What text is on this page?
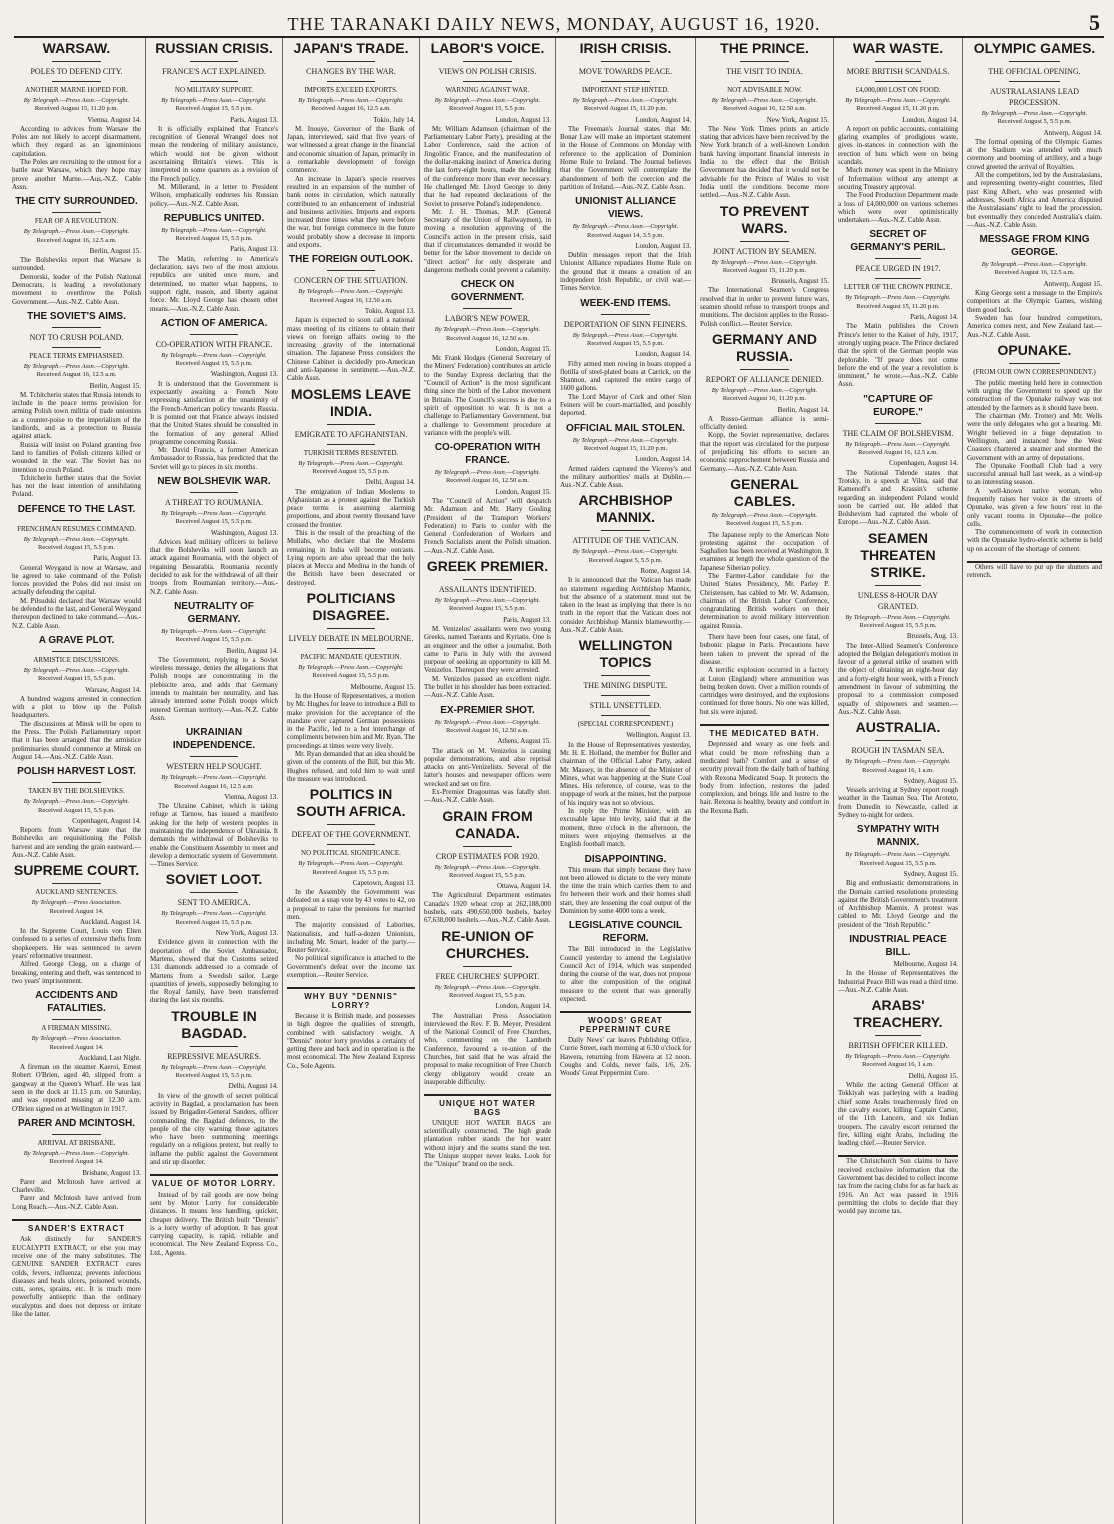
THE TARANAKI DAILY NEWS, MONDAY, AUGUST 16, 1920.	5
WARSAW.
POLES TO DEFEND CITY.
ANOTHER MARNE HOPED FOR.
By Telegraph.—Press Assn.—Copyright.
Received August 15, 11.20 p.m.
Vienna, August 14.

According to advices from Warsaw the Poles are not likely to accept disarmament, which they regard as an ignominious capitulation.

The Poles are recruiting to the utmost for a battle near Warsaw, which they hope may prove another Marne.—Aus.-N.Z. Cable Assn.

THE CITY SURROUNDED.
FEAR OF A REVOLUTION.
By Telegraph.—Press Assn.—Copyright.
Received August 16, 12.5 a.m.
Berlin, August 15.

The Bolsheviks report that Warsaw is surrounded.

Demorski, leader of the Polish National Democrats, is leading a revolutionary movement to overthrow the Polish Government.—Aus.-N.Z. Cable Assn.

THE SOVIET'S AIMS.
NOT TO CRUSH POLAND.
PEACE TERMS EMPHASISED.
By Telegraph.—Press Assn.—Copyright.
Received August 16, 12.5 a.m.
Berlin, August 15.

M. Tchitcherin states that Russia intends to include in the peace terms provision for arming Polish town militia of trade unionists as a counter-poise to the imperialism of the landlords, and as a protection to Russia against attack.

Russia will insist on Poland granting free land to families of Polish citizens killed or wounded in the war. The Soviet has no intention to crush Poland.

Tchitcherin further states that the Soviet has not the least intention of annihilating Poland.

DEFENCE TO THE LAST.
FRENCHMAN RESUMES COMMAND.
By Telegraph.—Press Assn.—Copyright.
Received August 15, 5.5 p.m.
Paris, August 13.

General Weygand is now at Warsaw, and he agreed to take command of the Polish forces provided the Poles did not insist on actually defending the capital.

M. Pilsudski declared that Warsaw would be defended to the last, and General Weygand thereupon declined to take command.—Aus.-N.Z. Cable Assn.

A GRAVE PLOT.
ARMISTICE DISCUSSIONS.
By Telegraph.—Press Assn.—Copyright.
Received August 15, 5.5 p.m.
Warsaw, August 14.

A hundred wagons arrested in connection with a plot to blow up the Polish headquarters.

The discussions at Minsk will be open to the Press. The Polish Parliamentary report that it has been arranged that the armistice preliminaries should commence at Minsk on August 14.—Aus.-N.Z. Cable Assn.

POLISH HARVEST LOST.
TAKEN BY THE BOLSHEVIKS.
By Telegraph.—Press Assn.—Copyright.
Received August 15, 5.5 p.m.
Copenhagen, August 14.

Reports from Warsaw state that the Bolsheviks are requisitioning the Polish harvest and are sending the grain eastward.—Aus.-N.Z. Cable Assn.

SUPREME COURT.
AUCKLAND SENTENCES.
By Telegraph.—Press Association.
Received August 14.
Auckland, August 14.

In the Supreme Court, Louis von Elten confessed to a series of extensive thefts from shopkeepers. He was sentenced to seven years' reformative treatment.

Alfred George Clegg, on a charge of breaking, entering and theft, was sentenced to two years' imprisonment.

ACCIDENTS AND FATALITIES.
A FIREMAN MISSING.
By Telegraph.—Press Association.
Received August 14.
Auckland, Last Night.

A fireman on the steamer Kaeroi, Ernest Robert O'Brien, aged 40, slipped from a gangway at the Queen's Wharf. He was last seen in the dock at 11.15 p.m. on Saturday, and was reported missing at 12.30 a.m. O'Brien signed on at Wellington in 1917.

PARER AND MCINTOSH.
ARRIVAL AT BRISBANE.
By Telegraph.—Press Assn.—Copyright.
Received August 14.
Brisbane, August 13.

Parer and McIntosh have arrived at Charleville.

Parer and McIntosh have arrived from Long Reach.—Aus.-N.Z. Cable Assn.

SANDER'S EXTRACT

Ask distinctly for SANDER'S EUCALYPTI EXTRACT, or else you may receive one of the many substitutes. The GENUINE SANDER EXTRACT cures colds, fevers, influenza; prevents infectious diseases and heals ulcers, poisoned wounds, cuts, sores, sprains, etc. It is much more powerfully antiseptic than the ordinary eucalyptus and does not depress or irritate like the latter.

RUSSIAN CRISIS.
FRANCE'S ACT EXPLAINED.
NO MILITARY SUPPORT.
By Telegraph.—Press Assn.—Copyright.
Received August 15, 5.5 p.m.
Paris, August 13.

It is officially explained that France's recognition of General Wrangel does not mean the rendering of military assistance, which would not be given without ascertaining Britain's views. This is interpreted in some quarters as a revision of the French policy.

M. Millerand, in a letter to President Wilson, emphatically endorses his Russian policy.—Aus.-N.Z. Cable Assn.

REPUBLICS UNITED.
By Telegraph.—Press Assn.—Copyright.
Received August 15, 5.5 p.m.
Paris, August 13.

The Matin, referring to America's declaration, says two of the most anxious republics are united once more, and determined, no matter what happens, to support right, reason, and liberty against force. Mr. Lloyd George has chosen other means.—Aus.-N.Z. Cable Assn.

ACTION OF AMERICA.
CO-OPERATION WITH FRANCE.
By Telegraph.—Press Assn.—Copyright.
Received August 15, 5.5 p.m.
Washington, August 13.

It is understood that the Government is expectantly awaiting a French Note expressing satisfaction at the unanimity of the French-American policy towards Russia. It is pointed out that France always insisted that the United States should be consulted in the formation of any general Allied programme concerning Russia.

Mr. David Francis, a former American Ambassador to Russia, has predicted that the Soviet will go to pieces in six months.

NEW BOLSHEVIK WAR.
A THREAT TO ROUMANIA.
By Telegraph.—Press Assn.—Copyright.
Received August 15, 5.5 p.m.
Washington, August 13.

Advices lead military officers to believe that the Bolsheviks will soon launch an attack against Roumania, with the object of regaining Bessarabia. Roumania recently decided to ask for the withdrawal of all their troops from Roumanian territory.—Aus.-N.Z. Cable Assn.

NEUTRALITY OF GERMANY.
By Telegraph.—Press Assn.—Copyright.
Received August 15, 5.5 p.m.
Berlin, August 14.

The Government, replying to a Soviet wireless message, denies the allegations that Polish troops are concentrating in the plebiscite area, and adds that Germany intends to maintain her neutrality, and has already interned some Polish troops which entered German territory.—Aus.-N.Z. Cable Assn.

UKRAINIAN INDEPENDENCE.
WESTERN HELP SOUGHT.
By Telegraph.—Press Assn.—Copyright.
Received August 16, 12.5 a.m.
Vienna, August 13.

The Ukraine Cabinet, which is taking refuge at Tarnow, has issued a manifesto asking for the help of western peoples in maintaining the independence of Ukrainia. It demands the withdrawal of Bolsheviks to enable the Constituent Assembly to meet and develop a democratic system of Government.—Times Service.

SOVIET LOOT.
SENT TO AMERICA.
By Telegraph.—Press Assn.—Copyright.
Received August 15, 5.5 p.m.
New York, August 13.

Evidence given in connection with the deportation of the Soviet Ambassador, Martens, showed that the Customs seized 131 diamonds addressed to a comrade of Martens from a Swedish sailor. Large quantities of jewels, supposedly belonging to the Royal family, have been transferred during the last six months.

TROUBLE IN BAGDAD.
REPRESSIVE MEASURES.
By Telegraph.—Press Assn.—Copyright.
Received August 15, 5.5 p.m.
Delhi, August 14.

In view of the growth of secret political activity in Bagdad, a proclamation has been issued by Brigadier-General Sanders, officer commanding the Bagdad defences, to the people of the city warning those agitators who have been summoning meetings regularly on a religious pretext, but really to inflame the public against the Government and stir up disorder.

VALUE OF MOTOR LORRY.

Instead of by rail goods are now being sent by Motor Lorry for considerable distances. It means less handling, quicker, cheaper delivery. The British built "Dennis" is a lorry worthy of adoption. It has great carrying capacity, is rapid, reliable and economical. The New Zealand Express Co., Ltd., Agents.

JAPAN'S TRADE.
CHANGES BY THE WAR.
IMPORTS EXCEED EXPORTS.
By Telegraph.—Press Assn.—Copyright.
Received August 16, 12.5 a.m.
Tokio, July 14.

M. Inouye, Governor of the Bank of Japan, interviewed, said that five years of war witnessed a great change in the financial and economic situation of Japan, primarily in a remarkable development of foreign commerce.

An increase in Japan's specie reserves resulted in an expansion of the number of bank notes in circulation, which naturally contributed to an enhancement of industrial and business activities. Imports and exports increased three times what they were before the war, but foreign commerce in the future would probably show a decrease in imports and exports.

THE FOREIGN OUTLOOK.
CONCERN OF THE SITUATION.
By Telegraph.—Press Assn.—Copyright.
Received August 16, 12.50 a.m.
Tokio, August 13.

Japan is expected to soon call a national mass meeting of its citizens to obtain their views on foreign affairs owing to the increasing gravity of the international situation. The Japanese Press considers the Chinese Cabinet is decidedly pro-American and anti-Japanese in sentiment.—Aus.-N.Z. Cable Assn.

MOSLEMS LEAVE INDIA.
EMIGRATE TO AFGHANISTAN.
TURKISH TERMS RESENTED.
By Telegraph.—Press Assn.—Copyright.
Received August 15, 5.5 p.m.
Delhi, August 14.

The emigration of Indian Moslems to Afghanistan as a protest against the Turkish peace terms is assuming alarming proportions, and about twenty thousand have crossed the frontier.

This is the result of the preaching of the Mullahs, who declare that the Moslems remaining in India will become outcasts. Lying reports are also spread that the holy places at Mecca and Medina in the hands of the British have been desecrated or destroyed.

POLITICIANS DISAGREE.
LIVELY DEBATE IN MELBOURNE.
PACIFIC MANDATE QUESTION.
By Telegraph.—Press Assn.—Copyright.
Received August 15, 5.5 p.m.
Melbourne, August 15.

In the House of Representatives, a motion by Mr. Hughes for leave to introduce a Bill to make provision for the acceptance of the mandate over captured German possessions in the Pacific, led to a hot interchange of compliments between him and Mr. Ryan. The proceedings at times were very lively.

Mr. Ryan demanded that an idea should be given of the contents of the Bill, but this Mr. Hughes refused, and told him to wait until the measure was introduced.

POLITICS IN SOUTH AFRICA.
DEFEAT OF THE GOVERNMENT.
NO POLITICAL SIGNIFICANCE.
By Telegraph.—Press Assn.—Copyright.
Received August 15, 5.5 p.m.
Capetown, August 13.

In the Assembly the Government was defeated on a snap vote by 43 votes to 42, on a proposal to raise the pensions for married men.

The majority consisted of Laborites, Nationalists, and half-a-dozen Unionists, including Mr. Smart, leader of the party.—Reuter Service.

No political significance is attached to the Government's defeat over the income tax exemption.—Reuter Service.

WHY BUY "DENNIS" LORRY?

Because it is British made, and possesses in high degree the qualities of strength, combined with satisfactory weight. A "Dennis" motor lorry provides a certainty of getting there and back and in operation is the most economical. The New Zealand Express Co., Sole Agents.

LABOR'S VOICE.
VIEWS ON POLISH CRISIS.
WARNING AGAINST WAR.
By Telegraph.—Press Assn.—Copyright.
Received August 15, 5.5 p.m.
London, August 13.

Mr. William Adamson (chairman of the Parliamentary Labor Party), presiding at the Labor Conference, said the action of Jingolitic France, and the manifestation of the dollar-making instinct of America during the last forty-eight hours, made the holding of the conference more than ever necessary. He challenged Mr. Lloyd George to deny that he had repeated declarations of the Soviet to preserve Poland's independence.

Mr. J. H. Thomas, M.P. (General Secretary of the Union of Railwaymen), in moving a resolution approving of the Council's action in the present crisis, said that if circumstances demanded it would be better for the labor movement to decide on "direct action" for only desperate and dangerous methods could prevent a calamity.

CHECK ON GOVERNMENT.
LABOR'S NEW POWER.
By Telegraph.—Press Assn.—Copyright.
Received August 16, 12.50 a.m.
London, August 15.

Mr. Frank Hodges (General Secretary of the Miners' Federation) contributes an article to the Sunday Express declaring that the "Council of Action" is the most significant thing since the birth of the Labor movement in Britain. The Council's success is due to a spirit of opposition to war. It is not a challenge to Parliamentary Government, but a challenge to Government procedure at variance with the people's will.

CO-OPERATION WITH FRANCE.
By Telegraph.—Press Assn.—Copyright.
Received August 16, 12.50 a.m.
London, August 15.

The "Council of Action" will despatch Mr. Adamson and Mr. Harry Gosling (President of the Transport Workers' Federation) to Paris to confer with the General Confederation of Workers and French Socialists anent the Polish situation.—Aus.-N.Z. Cable Assn.

GREEK PREMIER.
ASSAILANTS IDENTIFIED.
By Telegraph.—Press Assn.—Copyright.
Received August 15, 5.5 p.m.
Paris, August 13.

M. Venizelos' assailants were two young Greeks, named Tserants and Kyriatis. One is an engineer and the other a journalist. Both came to Paris in July with the avowed purpose of seeking an opportunity to kill M. Venizelos. Thereupon they were arrested.

M. Venizelos passed an excellent night. The bullet in his shoulder has been extracted.—Aus.-N.Z. Cable Assn.

EX-PREMIER SHOT.
By Telegraph.—Press Assn.—Copyright.
Received August 16, 12.50 a.m.
Athens, August 15.

The attack on M. Venizelos is causing popular demonstrations, and also reprisal attacks on anti-Venizelists. Several of the latter's houses and newspaper offices were wrecked and set on fire.

Ex-Premier Dragoumas was fatally shot.—Aus.-N.Z. Cable Assn.

GRAIN FROM CANADA.
CROP ESTIMATES FOR 1920.
By Telegraph.—Press Assn.—Copyright.
Received August 15, 5.5 p.m.
Ottawa, August 14.

The Agricultural Department estimates Canada's 1920 wheat crop at 262,188,000 bushels, oats 490,650,000 bushels, barley 67,638,000 bushels.—Aus.-N.Z. Cable Assn.

RE-UNION OF CHURCHES.
FREE CHURCHES' SUPPORT.
By Telegraph.—Press Assn.—Copyright.
Received August 15, 5.5 p.m.
London, August 14.

The Australian Press Association interviewed the Rev. F. B. Meyer, President of the National Council of Free Churches, who, commenting on the Lambeth Conference, favoured a re-union of the Churches, but said that he was afraid the proposal to make recognition of Free Church clergy obligatory would create an insuperable difficulty.

UNIQUE HOT WATER BAGS

UNIQUE HOT WATER BAGS are scientifically constructed. The high grade plantation rubber stands the hot water without injury and the seams stand the test. The Unique stopper never leaks. Look for the "Unique" brand on the neck.

IRISH CRISIS.
MOVE TOWARDS PEACE.
IMPORTANT STEP HINTED.
By Telegraph.—Press Assn.—Copyright.
Received August 15, 11.20 p.m.
London, August 14.

The Freeman's Journal states that Mr. Bonar Law will make an important statement in the House of Commons on Monday with reference to the application of Dominion Home Rule to Ireland. The Journal believes that the Government will contemplate the abandonment of both the coercion and the partition of Ireland.—Aus.-N.Z. Cable Assn.

UNIONIST ALLIANCE VIEWS.
By Telegraph.—Press Assn.—Copyright.
Received August 14, 3.5 p.m.
London, August 13.

Dublin messages report that the Irish Unionist Alliance repudiates Home Rule on the ground that it means a creation of an independent Irish Republic, or civil war.—Times Service.

WEEK-END ITEMS.
DEPORTATION OF SINN FEINERS.
By Telegraph.—Press Assn.—Copyright.
Received August 15, 5.5 p.m.
London, August 14.

Fifty armed men rowing in boats stopped a flotilla of steel-plated boats at Carrick, on the Shannon, and captured the entire cargo of 1600 gallons.

The Lord Mayor of Cork and other Sinn Feiners will be court-martialled, and possibly deported.

OFFICIAL MAIL STOLEN.
By Telegraph.—Press Assn.—Copyright.
Received August 15, 11.20 p.m.
London, August 14.

Armed raiders captured the Viceroy's and the military authorities' mails at Dublin.—Aus.-N.Z. Cable Assn.

ARCHBISHOP MANNIX.
ATTITUDE OF THE VATICAN.
By Telegraph.—Press Assn.—Copyright.
Received August 5, 5.5 p.m.
Rome, August 14.

It is announced that the Vatican has made no statement regarding Archbishop Mannix, but the absence of a statement must not be taken in the least as implying that there is no truth in the report that the Vatican does not consider Archbishop Mannix blameworthy.—Aus.-N.Z. Cable Assn.

WELLINGTON TOPICS
THE MINING DISPUTE.
STILL UNSETTLED.
(SPECIAL CORRESPONDENT.)
Wellington, August 13.

In the House of Representatives yesterday, Mr. H. E. Holland, the member for Buller and chairman of the Official Labor Party, asked Mr. Massey, in the absence of the Minister of Mines, what was happening at the State Coal Mines. His reference, of course, was to the stoppage of work at the mines, but the purpose of his inquiry was not so obvious.

In reply the Prime Minister, with an excusable lapse into levity, said that at the moment, three o'clock in the afternoon, the miners were enjoying themselves at the English football match.

DISAPPOINTING.

This means that simply because they have not been allowed to dictate to the very minute the time the train which carries them to and fro between their work and their homes shall start, they are lessening the coal output of the Dominion by some 4000 tons a week.

LEGISLATIVE COUNCIL REFORM.

The Bill introduced in the Legislative Council yesterday to amend the Legislative Council Act of 1914, which was suspended during the course of the war, does not propose to alter the composition of the original measure to the extent that was generally expected.

WOODS' GREAT PEPPERMINT CURE

Daily News' car leaves Publishing Office, Currie Street, each morning at 6.30 o'clock for Hawera, returning from Hawera at 12 noon. Coughs and Colds, never fails, 1/6, 2/6. Woods' Great Peppermint Cure.

THE PRINCE.
THE VISIT TO INDIA.
NOT ADVISABLE NOW.
By Telegraph.—Press Assn.—Copyright.
Received August 16, 12.50 a.m.
New York, August 15.

The New York Times prints an article stating that advices have been received by the New York branch of a well-known London bank having important financial interests in India to the effect that the British Government has decided that it would not be advisable for the Prince of Wales to visit India until the conditions become more settled.—Aus.-N.Z. Cable Assn.

TO PREVENT WARS.
JOINT ACTION BY SEAMEN.
By Telegraph.—Press Assn.—Copyright.
Received August 15, 11.20 p.m.
Brussels, August 15.

The International Seamen's Congress resolved that in order to prevent future wars, seamen should refuse to transport troops and munitions. The decision applies to the Russo-Polish conflict.—Reuter Service.

GERMANY AND RUSSIA.
REPORT OF ALLIANCE DENIED.
By Telegraph.—Press Assn.—Copyright.
Received August 16, 11.20 p.m.
Berlin, August 14.

A Russo-German alliance is semi-officially denied.

Kopp, the Soviet representative, declares that the report was circulated for the purpose of prejudicing his efforts to secure an economic rapprochement between Russia and Germany.—Aus.-N.Z. Cable Assn.

GENERAL CABLES.
By Telegraph.—Press Assn.—Copyright.
Received August 15, 5.5 p.m.

The Japanese reply to the American Note protesting against the occupation of Saghalien has been received at Washington. It examines at length the whole question of the Japanese Siberian policy.

The Farmer-Labor candidate for the United States Presidency, Mr. Parley P. Christensen, has cabled to Mr. W. Adamson, chairman of the British Labor Conference, congratulating British workers on their determination to avoid military intervention against Russia.

There have been four cases, one fatal, of bubonic plague in Paris. Precautions have been taken to prevent the spread of the disease.

A terrific explosion occurred in a factory at Luton (England) where ammunition was being broken down. Over a million rounds of cartridges were destroyed, and the explosions continued for three hours. No one was killed, but six were injured.

THE MEDICATED BATH.

Depressed and weary as one feels and what could be more refreshing than a medicated bath? Comfort and a sense of security prevail from the daily bath of bathing with Rexona Medicated Soap. It protects the body from infection, restores the jaded complexion, and brings life and lustre to the hair. Rexona is healthy, beauty and comfort in the Rexona Bath.

WAR WASTE.
MORE BRITISH SCANDALS.
£4,000,000 LOST ON FOOD.
By Telegraph.—Press Assn.—Copyright.
Received August 15, 11.20 p.m.
London, August 14.

A report on public accounts, containing glaring examples of prodigious waste, gives in-stances in connection with the erection of huts which were on being scandals.

Much money was spent in the Ministry of Information without any attempt at securing Treasury approval.

The Food Production Department made a loss of £4,000,000 on various schemes which were over optimistically undertaken.—Aus.-N.Z. Cable Assn.

SECRET OF GERMANY'S PERIL.
PEACE URGED IN 1917.
LETTER OF THE CROWN PRINCE.
By Telegraph.—Press Assn.—Copyright.
Received August 15, 11.20 p.m.
Paris, August 14.

The Matin publishes the Crown Prince's letter to the Kaiser of July, 1917, strongly urging peace. The Prince declared that the spirit of the German people was deplorable. "If peace does not come before the end of the year a revolution is imminent," he wrote.—Aus.-N.Z. Cable Assn.

"CAPTURE OF EUROPE."
THE CLAIM OF BOLSHEVISM.
By Telegraph.—Press Assn.—Copyright.
Received August 16, 12.5 a.m.
Copenhagen, August 14.

The National Tidende states that Trotsky, in a speech at Vilna, said that Kamenoff's and Krassin's scheme regarding an independent Poland would soon be carried out. He added that Bolshevism had captured the whole of Europe.—Aus.-N.Z. Cable Assn.

SEAMEN THREATEN STRIKE.
UNLESS 8-HOUR DAY GRANTED.
By Telegraph.—Press Assn.—Copyright.
Received August 15, 5.5 p.m.
Brussels, Aug. 13.

The Inter-Allied Seamen's Conference adopted the Belgian delegation's motion in favour of a general strike of seamen with the object of obtaining an eight-hour day and a forty-eight hour week, with a French amendment in favour of submitting the proposal to a commission composed equally of shipowners and seamen.—Aus.-N.Z. Cable Assn.

AUSTRALIA.
ROUGH IN TASMAN SEA.
By Telegraph.—Press Assn.—Copyright.
Received August 16, 1 a.m.
Sydney, August 15.

Vessels arriving at Sydney report rough weather in the Tasman Sea. The Aroteto, from Dunedin to Newcastle, called at Sydney to-night for orders.

SYMPATHY WITH MANNIX.
By Telegraph.—Press Assn.—Copyright.
Received August 15, 5.5 p.m.
Sydney, August 15.

Big and enthusiastic demonstrations in the Domain carried resolutions protesting against the British Government's treatment of Archbishop Mannix. A protest was cabled to Mr. Lloyd George and the president of the "Irish Republic."

INDUSTRIAL PEACE BILL.
Melbourne, August 14.

In the House of Representatives the Industrial Peace Bill was read a third time.—Aus.-N.Z. Cable Assn.

ARABS' TREACHERY.
BRITISH OFFICER KILLED.
By Telegraph.—Press Assn.—Copyright.
Received August 16, 1 a.m.
Delhi, August 15.

While the acting General Officer at Tokkiyah was parleying with a leading chief some Arabs treacherously fired on the cavalry escort, killing Captain Carter, of the 11th Lancers, and six Indian troopers. The cavalry escort returned the fire, killing eight Arabs, including the leading chief.—Reuter Service.

The Christchurch Sun claims to have received exclusive information that the Government has decided to collect income tax from the racing clubs for as far back as 1916. An Act was passed in 1916 permitting the clubs to decide that they would pay income tax.

OLYMPIC GAMES.
THE OFFICIAL OPENING.
AUSTRALASIANS LEAD PROCESSION.
By Telegraph.—Press Assn.—Copyright.
Received August 5, 5.5 p.m.
Antwerp, August 14.

The formal opening of the Olympic Games at the Stadium was attended with much ceremony and booming of artillery, and a huge crowd greeted the arrival of Royalties.

All the competitors, led by the Australasians, and representing twenty-eight countries, filed past King Albert, who was presented with addresses. South Africa and America disputed the Australasians' right to lead the procession, but eventually they conceded Australia's claim.—Aus.-N.Z. Cable Assn.

MESSAGE FROM KING GEORGE.
By Telegraph.—Press Assn.—Copyright.
Received August 16, 12.5 a.m.
Antwerp, August 15.

King George sent a message to the Empire's competitors at the Olympic Games, wishing them good luck.

Sweden has four hundred competitors, America comes next, and New Zealand last.—Aus.-N.Z. Cable Assn.

OPUNAKE.
(FROM OUR OWN CORRESPONDENT.)

The public meeting held here in connection with urging the Government to speed up the construction of the Opunake railway was not attended by the farmers as it should have been.

The chairman (Mr. Trotter) and Mr. Wells were the only delegates who got a hearing. Mr. Wright believed in a huge deputation to Wellington, and instanced how the West Coasters chartered a steamer and stormed the Government with an army of deputations.

The Opunake Football Club had a very successful annual ball last week, as a wind-up to an interesting season.

A well-known native woman, who frequently raises her voice in the streets of Opunake, was given a few hours' rest in the only vacant rooms in Opunake—the police cells.

The commencement of work in connection with the Opunake hydro-electric scheme is held up on account of the shortage of cement.

Others will have to put up the shutters and retrench.
